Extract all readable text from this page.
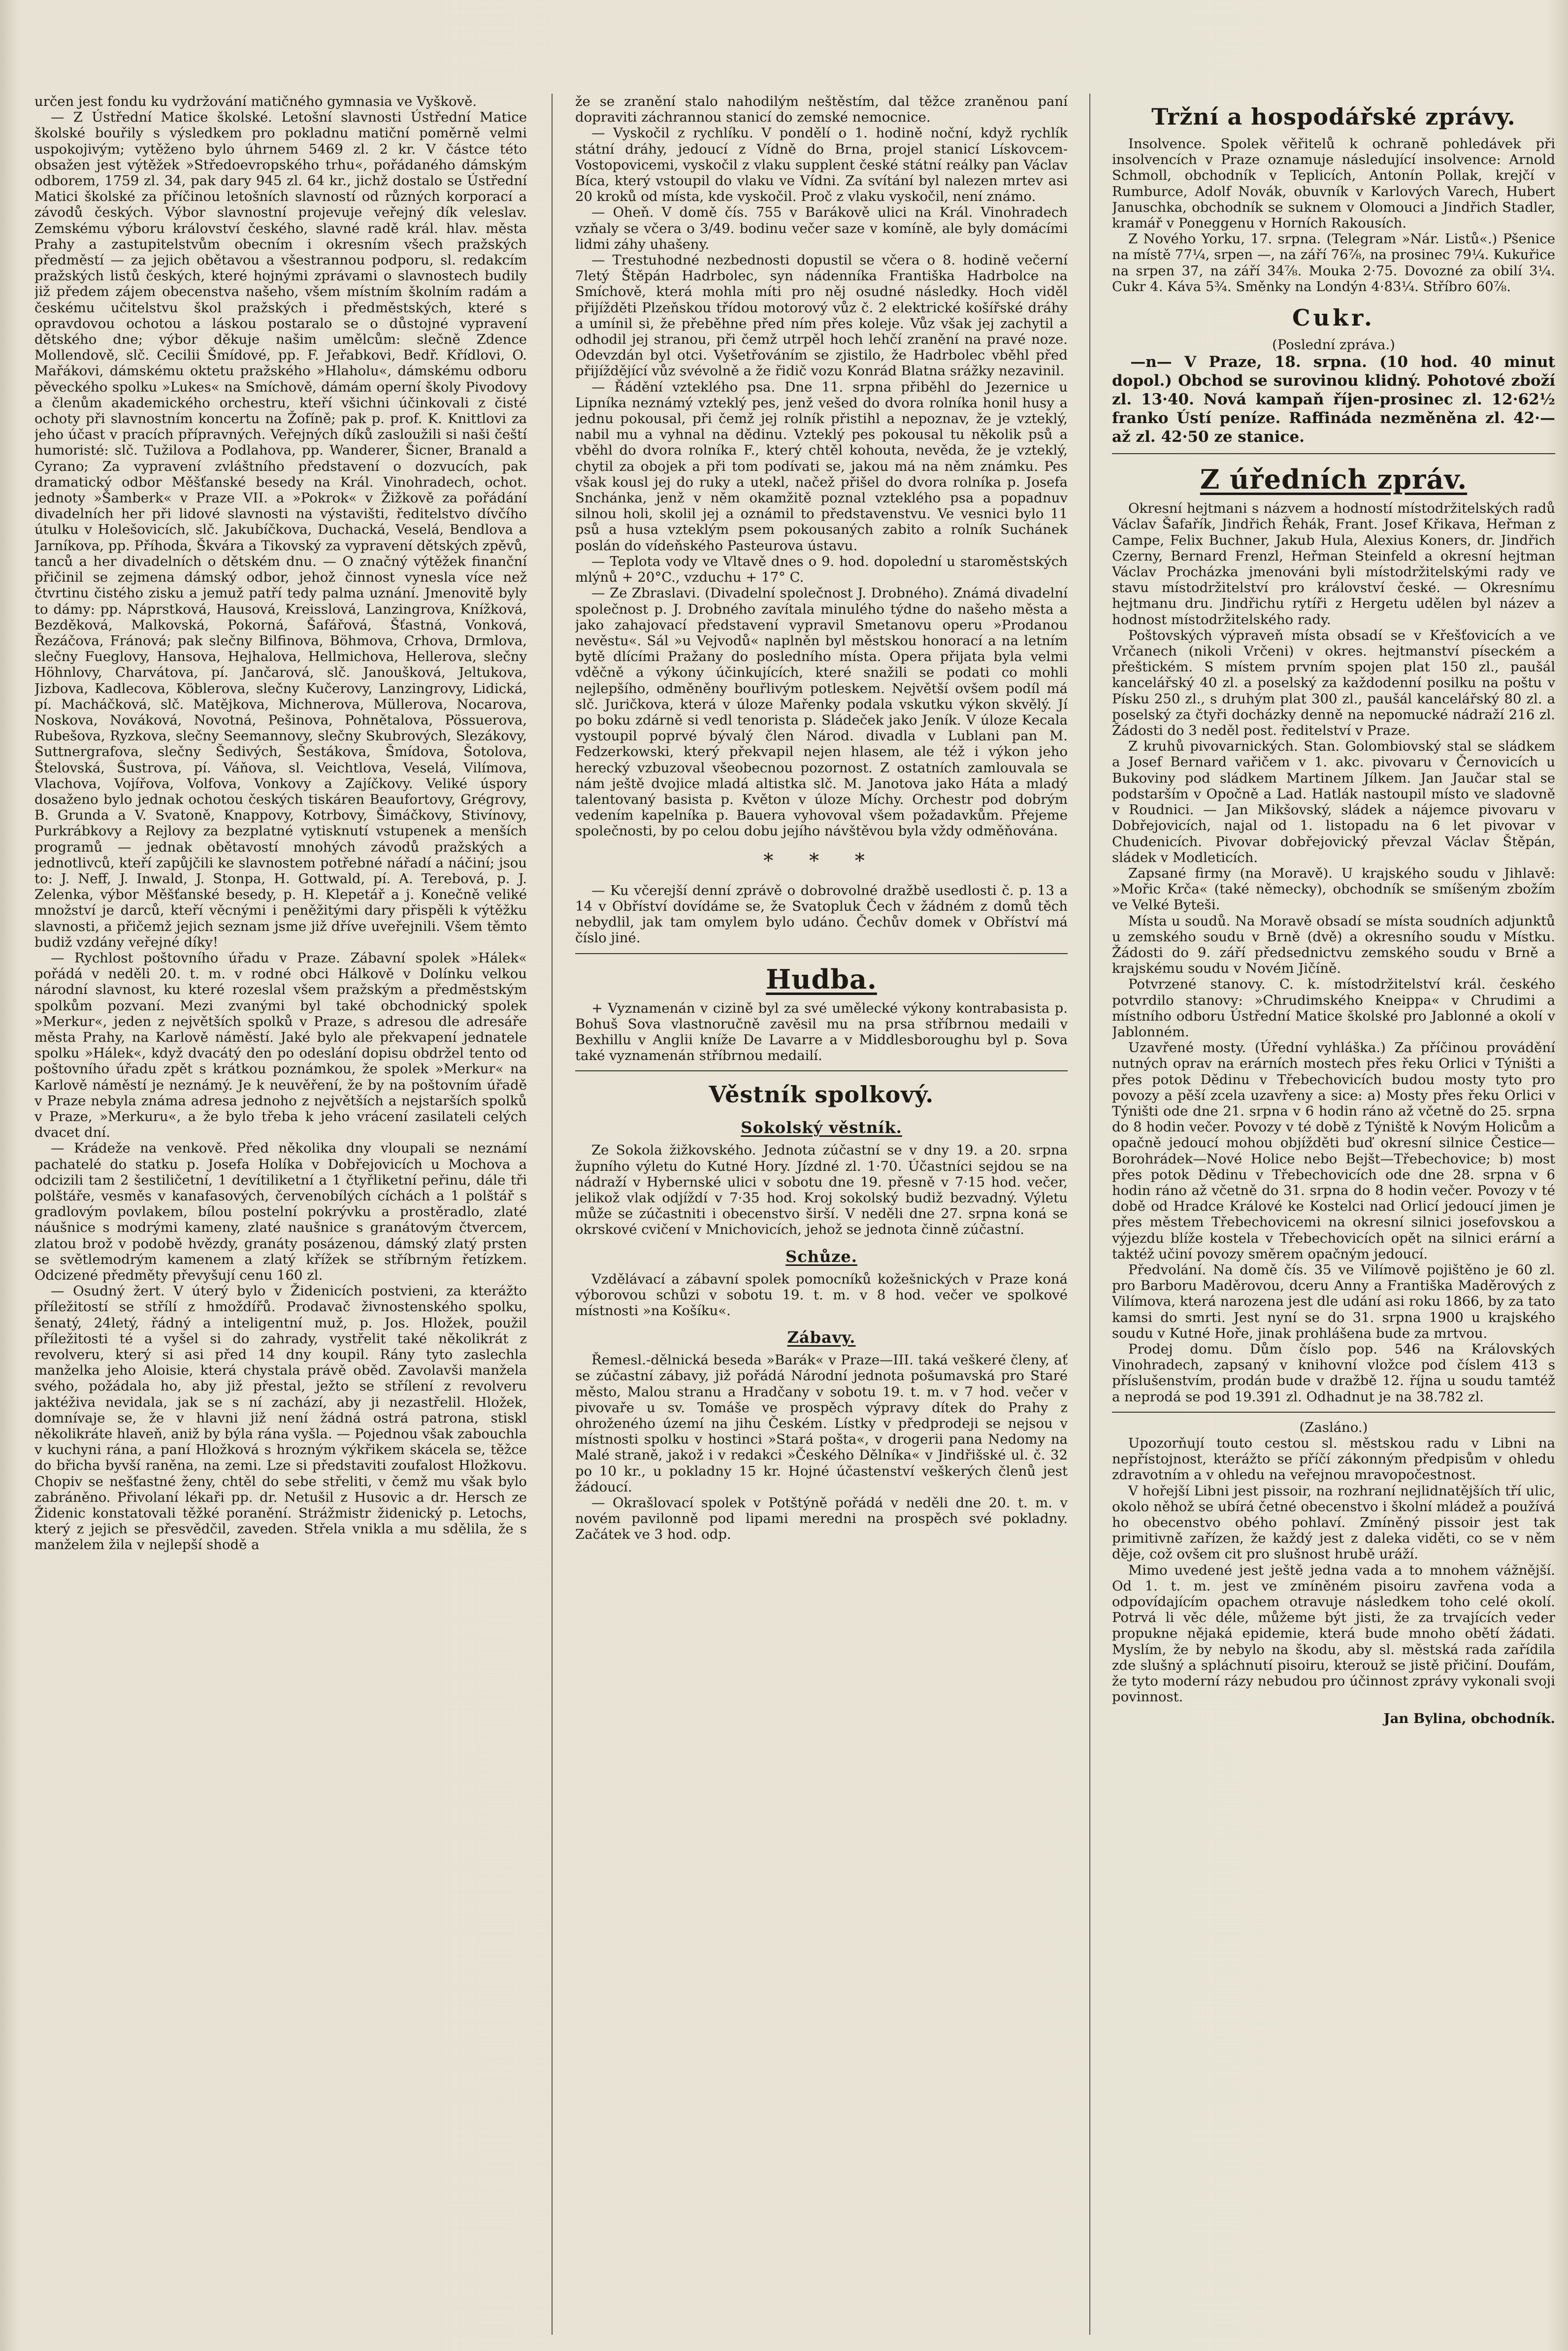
určen jest fondu ku vydržování matičného gymnasia ve Vyškově.

— Z Ústřední Matice školské. Letošní slavnosti Ústřední Matice školské bouřily s výsledkem pro pokladnu matiční poměrně velmi uspokojivým; vytěženo bylo úhrnem 5469 zl. 2 kr. V částce této obsažen jest výtěžek »Středoevropského trhu«, pořádaného dámským odborem, 1759 zl. 34, pak dary 945 zl. 64 kr., jichž dostalo se Ústřední Matici školské za příčinou letošních slavností od různých korporací a závodů českých. Výbor slavnostní projevuje veřejný dík veleslav. Zemskému výboru království českého, slavné radě král. hlav. města Prahy a zastupitelstvům obecním i okresním všech pražských předměstí — za jejich obětavou a všestrannou podporu, sl. redakcím pražských listů českých, které hojnými zprávami o slavnostech budily již předem zájem obecenstva našeho, všem místním školním radám a českému učitelstvu škol pražských i předměstských, které s opravdovou ochotou a láskou postaralo se o důstojné vypravení dětského dne; výbor děkuje našim umělcům: slečně Zdence Mollendově, slč. Cecilii Šmídové, pp. F. Jeřabkovi, Bedř. Křídlovi, O. Mařákovi, dámskému oktetu pražského »Hlaholu«, dámskému odboru pěveckého spolku »Lukes« na Smíchově, dámám operní školy Pivodovy a členům akademického orchestru, kteří všichni účinkovali z čisté ochoty při slavnostním koncertu na Žofíně; pak p. prof. K. Knittlovi za jeho účast v pracích přípravných. Veřejných díků zasloužili si naši čeští humoristé: slč. Tužilova a Podlahova, pp. Wanderer, Šicner, Branald a Cyrano; Za vypravení zvláštního představení o dozvucích, pak dramatický odbor Měšťanské besedy na Král. Vinohradech, ochot. jednoty »Šamberk« v Praze VII. a »Pokrok« v Žižkově za pořádání divadelních her při lidové slavnosti na výstavišti, ředitelstvo dívčího útulku v Holešovicích, slč. Jakubíčkova, Duchacká, Veselá, Bendlova a Jarníkova, pp. Příhoda, Škvára a Tikovský za vypravení dětských zpěvů, tanců a her divadelních o dětském dnu. — O značný výtěžek finanční přičinil se zejmena dámský odbor, jehož činnost vynesla více než čtvrtinu čistého zisku a jemuž patří tedy palma uznání. Jmenovitě byly to dámy: pp. Náprstková, Hausová, Kreisslová, Lanzingrova, Knížková, Bezděková, Malkovská, Pokorná, Šafářová, Šťastná, Vonková, Řezáčova, Fránová; pak slečny Bilfinova, Böhmova, Crhova, Drmlova, slečny Fueglovy, Hansova, Hejhalova, Hellmichova, Hellerova, slečny Höhnlovy, Charvátova, pí. Jančarová, slč. Janoušková, Jeltukova, Jizbova, Kadlecova, Köblerova, slečny Kučerovy, Lanzingrovy, Lidická, pí. Macháčková, slč. Matějkova, Michnerova, Müllerova, Nocarova, Noskova, Nováková, Novotná, Pešinova, Pohnětalova, Pössuerova, Rubešova, Ryzkova, slečny Seemannovy, slečny Skubrových, Slezákovy, Suttnergrafova, slečny Šedivých, Šestákova, Šmídova, Šotolova, Štelovská, Šustrova, pí. Váňova, sl. Veichtlova, Veselá, Vilímova, Vlachova, Vojířova, Volfova, Vonkovy a Zajíčkovy. Veliké úspory dosaženo bylo jednak ochotou českých tiskáren Beaufortovy, Grégrovy, B. Grunda a V. Svatoně, Knappovy, Kotrbovy, Šimáčkovy, Stivínovy, Purkrábkovy a Rejlovy za bezplatné vytisknutí vstupenek a menších programů — jednak obětavostí mnohých závodů pražských a jednotlivců, kteří zapůjčili ke slavnostem potřebné nářadí a náčiní; jsou to: J. Neff, J. Inwald, J. Stonpa, H. Gottwald, pí. A. Terebová, p. J. Zelenka, výbor Měšťanské besedy, p. H. Klepetář a j. Konečně veliké množství je darců, kteří věcnými i peněžitými dary přispěli k výtěžku slavnosti, a přičemž jejich seznam jsme již dříve uveřejnili. Všem těmto budiž vzdány veřejné díky!

— Rychlost poštovního úřadu v Praze. Zábavní spolek »Hálek« pořádá v neděli 20. t. m. v rodné obci Hálkově v Dolínku velkou národní slavnost, ku které rozeslal všem pražským a předměstským spolkům pozvaní. Mezi zvanými byl také obchodnický spolek »Merkur«, jeden z největších spolků v Praze, s adresou dle adresáře města Prahy, na Karlově náměstí. Jaké bylo ale překvapení jednatele spolku »Hálek«, když dvacátý den po odeslání dopisu obdržel tento od poštovního úřadu zpět s krátkou poznámkou, že spolek »Merkur« na Karlově náměstí je neznámý. Je k neuvěření, že by na poštovním úřadě v Praze nebyla známa adresa jednoho z největších a nejstarších spolků v Praze, »Merkuru«, a že bylo třeba k jeho vrácení zasilateli celých dvacet dní.

— Krádeže na venkově. Před několika dny vloupali se neznámí pachatelé do statku p. Josefa Holíka v Dobřejovicích u Mochova a odcizili tam 2 šestiličetní, 1 devítiliketní a 1 čtyřliketní peřinu, dále tři polštáře, vesměs v kanafasových, červenobílých cíchách a 1 polštář s gradlovým povlakem, bílou postelní pokrývku a prostěradlo, zlaté náušnice s modrými kameny, zlaté naušnice s granátovým čtvercem, zlatou brož v podobě hvězdy, granáty posázenou, dámský zlatý prsten se světlemodrým kamenem a zlatý křížek se stříbrným řetízkem. Odcizené předměty převyšují cenu 160 zl.

— Osudný žert. V úterý bylo v Židenicích postvieni, za kterážto příležitostí se střílí z hmoždířů. Prodavač živnostenského spolku, šenatý, 24letý, řádný a inteligentní muž, p. Jos. Hložek, použil příležitosti té a vyšel si do zahrady, vystřelit také několikrát z revolveru, který si asi před 14 dny koupil. Rány tyto zaslechla manželka jeho Aloisie, která chystala právě oběd. Zavolavši manžela svého, požádala ho, aby již přestal, ježto se střílení z revolveru jaktéživa nevidala, jak se s ní zachází, aby ji nezastřelil. Hložek, domnívaje se, že v hlavni již není žádná ostrá patrona, stiskl několikráte hlaveň, aniž by býla rána vyšla. — Pojednou však zabouchla v kuchyni rána, a paní Hložková s hrozným výkřikem skácela se, těžce do břicha byvší raněna, na zemi. Lze si představiti zoufalost Hložkovu. Chopiv se nešťastné ženy, chtěl do sebe střeliti, v čemž mu však bylo zabráněno. Přivolaní lékaři pp. dr. Netušil z Husovic a dr. Hersch ze Židenic konstatovali těžké poranění. Strážmistr židenický p. Letochs, který z jejich se přesvědčil, zaveden. Střela vnikla a mu sdělila, že s manželem žila v nejlepší shodě a

že se zranění stalo nahodilým neštěstím, dal těžce zraněnou paní dopraviti záchrannou stanicí do zemské nemocnice.

— Vyskočil z rychlíku. V pondělí o 1. hodině noční, když rychlík státní dráhy, jedoucí z Vídně do Brna, projel stanicí Lískovcem-Vostopovicemi, vyskočil z vlaku supplent české státní reálky pan Václav Bíca, který vstoupil do vlaku ve Vídni. Za svítání byl nalezen mrtev asi 20 kroků od místa, kde vyskočil. Proč z vlaku vyskočil, není známo.

— Oheň. V domě čís. 755 v Barákově ulici na Král. Vinohradech vzňaly se včera o 3/49. bodinu večer saze v komíně, ale byly domácími lidmi záhy uhašeny.

— Trestuhodné nezbednosti dopustil se včera o 8. hodině večerní 7letý Štěpán Hadrbolec, syn nádenníka Františka Hadrbolce na Smíchově, která mohla míti pro něj osudné následky. Hoch viděl přijížděti Plzeňskou třídou motorový vůz č. 2 elektrické košířské dráhy a umínil si, že přeběhne před ním přes koleje. Vůz však jej zachytil a odhodil jej stranou, při čemž utrpěl hoch lehčí zranění na pravé noze. Odevzdán byl otci. Vyšetřováním se zjistilo, že Hadrbolec vběhl před přijíždějící vůz svévolně a že řidič vozu Konrád Blatna srážky nezavinil.

— Řádění vzteklého psa. Dne 11. srpna přiběhl do Jezernice u Lipníka neznámý vzteklý pes, jenž vešed do dvora rolníka honil husy a jednu pokousal, při čemž jej rolník přistihl a nepoznav, že je vzteklý, nabil mu a vyhnal na dědinu. Vzteklý pes pokousal tu několik psů a vběhl do dvora rolníka F., který chtěl kohouta, nevěda, že je vzteklý, chytil za obojek a při tom podívati se, jakou má na něm známku. Pes však kousl jej do ruky a utekl, načež přišel do dvora rolníka p. Josefa Snchánka, jenž v něm okamžitě poznal vzteklého psa a popadnuv silnou holi, skolil jej a oznámil to představenstvu. Ve vesnici bylo 11 psů a husa vzteklým psem pokousaných zabito a rolník Suchánek poslán do vídeňského Pasteurova ústavu.

— Teplota vody ve Vltavě dnes o 9. hod. dopolední u staroměstských mlýnů + 20°C., vzduchu + 17° C.

— Ze Zbraslavi. (Divadelní společnost J. Drobného). Známá divadelní společnost p. J. Drobného zavítala minulého týdne do našeho města a jako zahajovací představení vypravil Smetanovu operu »Prodanou nevěstu«. Sál »u Vejvodů« naplněn byl městskou honorací a na letním bytě dlícími Pražany do posledního místa. Opera přijata byla velmi vděčně a výkony účinkujících, které snažili se podati co mohli nejlepšího, odměněny bouřlivým potleskem. Největší ovšem podíl má slč. Juričkova, která v úloze Mařenky podala vskutku výkon skvělý. Jí po boku zdárně si vedl tenorista p. Sládeček jako Jeník. V úloze Kecala vystoupil poprvé bývalý člen Národ. divadla v Lublani pan M. Fedzerkowski, který překvapil nejen hlasem, ale též i výkon jeho herecký vzbuzoval všeobecnou pozornost. Z ostatních zamlouvala se nám ještě dvojice mladá altistka slč. M. Janotova jako Háta a mladý talentovaný basista p. Květon v úloze Míchy. Orchestr pod dobrým vedením kapelníka p. Bauera vyhovoval všem požadavkům. Přejeme společnosti, by po celou dobu jejího návštěvou byla vždy odměňována.

* * *

— Ku včerejší denní zprávě o dobrovolné dražbě usedlosti č. p. 13 a 14 v Obříství dovídáme se, že Svatopluk Čech v žádném z domů těch nebydlil, jak tam omylem bylo udáno. Čechův domek v Obříství má číslo jiné.

Hudba.

+ Vyznamenán v cizině byl za své umělecké výkony kontrabasista p. Bohuš Sova vlastnoručně zavěsil mu na prsa stříbrnou medaili v Bexhillu v Anglii kníže De Lavarre a v Middlesboroughu byl p. Sova také vyznamenán stříbrnou medailí.

Věstník spolkový.
Sokolský věstník.

Ze Sokola žižkovského. Jednota zúčastní se v dny 19. a 20. srpna župního výletu do Kutné Hory. Jízdné zl. 1·70. Účastníci sejdou se na nádraží v Hybernské ulici v sobotu dne 19. přesně v 7·15 hod. večer, jelikož vlak odjíždí v 7·35 hod. Kroj sokolský budiž bezvadný. Výletu může se zúčastniti i obecenstvo širší. V neděli dne 27. srpna koná se okrskové cvičení v Mnichovicích, jehož se jednota činně zúčastní.

Schůze.

Vzdělávací a zábavní spolek pomocníků kožešnických v Praze koná výborovou schůzi v sobotu 19. t. m. v 8 hod. večer ve spolkové místnosti »na Košíku«.

Zábavy.

Řemesl.-dělnická beseda »Barák« v Praze—III. taká veškeré členy, ať se zúčastní zábavy, již pořádá Národní jednota pošumavská pro Staré město, Malou stranu a Hradčany v sobotu 19. t. m. v 7 hod. večer v pivovaře u sv. Tomáše ve prospěch výpravy dítek do Prahy z ohroženého území na jihu Českém. Lístky v předprodeji se nejsou v místnosti spolku v hostinci »Stará pošta«, v drogerii pana Nedomy na Malé straně, jakož i v redakci »Českého Dělníka« v Jindřišské ul. č. 32 po 10 kr., u pokladny 15 kr. Hojné účastenství veškerých členů jest žádoucí.

— Okrašlovací spolek v Potštýně pořádá v neděli dne 20. t. m. v novém pavilonně pod lipami meredni na prospěch své pokladny. Začátek ve 3 hod. odp.

Tržní a hospodářské zprávy.

Insolvence. Spolek věřitelů k ochraně pohledávek při insolvencích v Praze oznamuje následující insolvence: Arnold Schmoll, obchodník v Teplicích, Antonín Pollak, krejčí v Rumburce, Adolf Novák, obuvník v Karlových Varech, Hubert Januschka, obchodník se suknem v Olomouci a Jindřich Stadler, kramář v Poneggenu v Horních Rakousích.

Z Nového Yorku, 17. srpna. (Telegram »Nár. Listů«.) Pšenice na místě 77¼, srpen —, na září 76⅞, na prosinec 79¼. Kukuřice na srpen 37, na září 34⅞. Mouka 2·75. Dovozné za obilí 3¼. Cukr 4. Káva 5¾. Směnky na Londýn 4·83¼. Stříbro 60⅞.

Cukr.

(Poslední zpráva.)

—n— V Praze, 18. srpna. (10 hod. 40 minut dopol.) Obchod se surovinou klidný. Pohotové zboží zl. 13·40. Nová kampaň říjen-prosinec zl. 12·62½ franko Ústí peníze. Raffináda nezměněna zl. 42·— až zl. 42·50 ze stanice.

Z úředních zpráv.

Okresní hejtmani s názvem a hodností místodržitelských radů Václav Šafařík, Jindřich Řehák, Frant. Josef Křikava, Heřman z Campe, Felix Buchner, Jakub Hula, Alexius Koners, dr. Jindřich Czerny, Bernard Frenzl, Heřman Steinfeld a okresní hejtman Václav Procházka jmenováni byli místodržitelskými rady ve stavu místodržitelství pro království české. — Okresnímu hejtmanu dru. Jindřichu rytíři z Hergetu udělen byl název a hodnost místodržitelského rady.

Poštovských výpraveň místa obsadí se v Křešťovicích a ve Vrčanech (nikoli Vrčeni) v okres. hejtmanství píseckém a přeštickém. S místem prvním spojen plat 150 zl., paušál kancelářský 40 zl. a poselský za každodenní posilku na poštu v Písku 250 zl., s druhým plat 300 zl., paušál kancelářský 80 zl. a poselský za čtyři docházky denně na nepomucké nádraží 216 zl. Žádosti do 3 neděl post. ředitelství v Praze.

Z kruhů pivovarnických. Stan. Golombiovský stal se sládkem a Josef Bernard vařičem v 1. akc. pivovaru v Černovicích u Bukoviny pod sládkem Martinem Jílkem. Jan Jaučar stal se podstarším v Opočně a Lad. Hatlák nastoupil místo ve sladovně v Roudnici. — Jan Mikšovský, sládek a nájemce pivovaru v Dobřejovicích, najal od 1. listopadu na 6 let pivovar v Chudenicích. Pivovar dobřejovický převzal Václav Štěpán, sládek v Modleticích.

Zapsané firmy (na Moravě). U krajského soudu v Jihlavě: »Mořic Krča« (také německy), obchodník se smíšeným zbožím ve Velké Byteši.

Místa u soudů. Na Moravě obsadí se místa soudních adjunktů u zemského soudu v Brně (dvě) a okresního soudu v Místku. Žádosti do 9. září předsednictvu zemského soudu v Brně a krajskému soudu v Novém Jičíně.

Potvrzené stanovy. C. k. místodržitelství král. českého potvrdilo stanovy: »Chrudimského Kneippa« v Chrudimi a místního odboru Ústřední Matice školské pro Jablonné a okolí v Jablonném.

Uzavřené mosty. (Úřední vyhláška.) Za příčinou provádění nutných oprav na erárních mostech přes řeku Orlici v Týništi a přes potok Dědinu v Třebechovicích budou mosty tyto pro povozy a pěší zcela uzavřeny a sice: a) Mosty přes řeku Orlici v Týništi ode dne 21. srpna v 6 hodin ráno až včetně do 25. srpna do 8 hodin večer. Povozy v té době z Týniště k Novým Holicům a opačně jedoucí mohou objížděti buď okresní silnice Čestice—Borohrádek—Nové Holice nebo Bejšt—Třebechovice; b) most přes potok Dědinu v Třebechovicích ode dne 28. srpna v 6 hodin ráno až včetně do 31. srpna do 8 hodin večer. Povozy v té době od Hradce Králové ke Kostelci nad Orlicí jedoucí jimen je přes městem Třebechovicemi na okresní silnici josefovskou a výjezdu blíže kostela v Třebechovicích opět na silnici erární a taktéž učiní povozy směrem opačným jedoucí.

Předvolání. Na domě čís. 35 ve Vilímově pojištěno je 60 zl. pro Barboru Maděrovou, dceru Anny a Františka Maděrových z Vilímova, která narozena jest dle udání asi roku 1866, by za tato kamsi do smrti. Jest nyní se do 31. srpna 1900 u krajského soudu v Kutné Hoře, jinak prohlášena bude za mrtvou.

Prodej domu. Dům číslo pop. 546 na Královských Vinohradech, zapsaný v knihovní vložce pod číslem 413 s příslušenstvím, prodán bude v dražbě 12. října u soudu tamtéž a neprodá se pod 19.391 zl. Odhadnut je na 38.782 zl.

(Zasláno.)

Upozorňují touto cestou sl. městskou radu v Libni na nepřístojnost, kterážto se příčí zákonným předpisům v ohledu zdravotním a v ohledu na veřejnou mravopočestnost.

V hořejší Libni jest pissoir, na rozhraní nejlidnatějších tří ulic, okolo něhož se ubírá četné obecenstvo i školní mládež a používá ho obecenstvo obého pohlaví. Zmíněný pissoir jest tak primitivně zařízen, že každý jest z daleka viděti, co se v něm děje, což ovšem cit pro slušnost hrubě uráží.

Mimo uvedené jest ještě jedna vada a to mnohem vážnější. Od 1. t. m. jest ve zmíněném pisoiru zavřena voda a odpovídajícím opachem otravuje následkem toho celé okolí. Potrvá li věc déle, můžeme být jisti, že za trvajících veder propukne nějaká epidemie, která bude mnoho obětí žádati. Myslím, že by nebylo na škodu, aby sl. městská rada zařídila zde slušný a spláchnutí pisoiru, kterouž se jistě přičiní. Doufám, že tyto moderní rázy nebudou pro účinnost zprávy vykonali svoji povinnost.

Jan Bylina, obchodník.
